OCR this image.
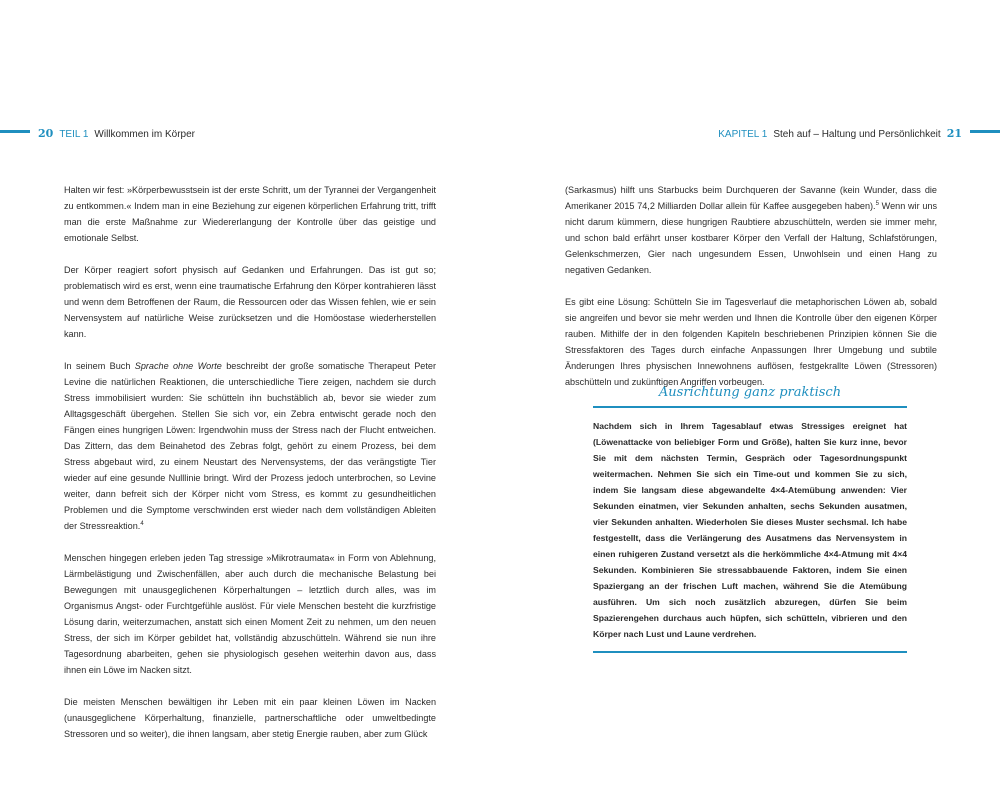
20 TEIL 1 Willkommen im Körper

Halten wir fest: »Körperbewusstsein ist der erste Schritt, um der Tyrannei der Vergangenheit zu entkommen.« Indem man in eine Beziehung zur eigenen körperlichen Erfahrung tritt, trifft man die erste Maßnahme zur Wiedererlangung der Kontrolle über das geistige und emotionale Selbst.

Der Körper reagiert sofort physisch auf Gedanken und Erfahrungen. Das ist gut so; problematisch wird es erst, wenn eine traumatische Erfahrung den Körper kontrahieren lässt und wenn dem Betroffenen der Raum, die Ressourcen oder das Wissen fehlen, wie er sein Nervensystem auf natürliche Weise zurücksetzen und die Homöostase wiederherstellen kann.

In seinem Buch Sprache ohne Worte beschreibt der große somatische Therapeut Peter Levine die natürlichen Reaktionen, die unterschiedliche Tiere zeigen, nachdem sie durch Stress immobilisiert wurden: Sie schütteln ihn buchstäblich ab, bevor sie wieder zum Alltagsgeschäft übergehen. Stellen Sie sich vor, ein Zebra entwischt gerade noch den Fängen eines hungrigen Löwen: Irgendwohin muss der Stress nach der Flucht entweichen. Das Zittern, das dem Beinahetod des Zebras folgt, gehört zu einem Prozess, bei dem Stress abgebaut wird, zu einem Neustart des Nervensystems, der das verängstigte Tier wieder auf eine gesunde Nulllinie bringt. Wird der Prozess jedoch unterbrochen, so Levine weiter, dann befreit sich der Körper nicht vom Stress, es kommt zu gesundheitlichen Problemen und die Symptome verschwinden erst wieder nach dem vollständigen Ableiten der Stressreaktion.$^4$

Menschen hingegen erleben jeden Tag stressige »Mikrotraumata« in Form von Ablehnung, Lärmbelästigung und Zwischenfällen, aber auch durch die mechanische Belastung bei Bewegungen mit unausgeglichenen Körperhaltungen – letztlich durch alles, was im Organismus Angst- oder Furchtgefühle auslöst. Für viele Menschen besteht die kurzfristige Lösung darin, weiterzumachen, anstatt sich einen Moment Zeit zu nehmen, um den neuen Stress, der sich im Körper gebildet hat, vollständig abzuschütteln. Während sie nun ihre Tagesordnung abarbeiten, gehen sie physiologisch gesehen weiterhin davon aus, dass ihnen ein Löwe im Nacken sitzt.

Die meisten Menschen bewältigen ihr Leben mit ein paar kleinen Löwen im Nacken (unausgeglichene Körperhaltung, finanzielle, partnerschaftliche oder umweltbedingte Stressoren und so weiter), die ihnen langsam, aber stetig Energie rauben, aber zum Glück

KAPITEL 1 Steh auf – Haltung und Persönlichkeit 21

(Sarkasmus) hilft uns Starbucks beim Durchqueren der Savanne (kein Wunder, dass die Amerikaner 2015 74,2 Milliarden Dollar allein für Kaffee ausgegeben haben).$^5$ Wenn wir uns nicht darum kümmern, diese hungrigen Raubtiere abzuschütteln, werden sie immer mehr, und schon bald erfährt unser kostbarer Körper den Verfall der Haltung, Schlafstörungen, Gelenkschmerzen, Gier nach ungesundem Essen, Unwohlsein und einen Hang zu negativen Gedanken.

Es gibt eine Lösung: Schütteln Sie im Tagesverlauf die metaphorischen Löwen ab, sobald sie angreifen und bevor sie mehr werden und Ihnen die Kontrolle über den eigenen Körper rauben. Mithilfe der in den folgenden Kapiteln beschriebenen Prinzipien können Sie die Stressfaktoren des Tages durch einfache Anpassungen Ihrer Umgebung und subtile Änderungen Ihres physischen Innewohnens auflösen, festgekrallte Löwen (Stressoren) abschütteln und zukünftigen Angriffen vorbeugen.

Ausrichtung ganz praktisch

Nachdem sich in Ihrem Tagesablauf etwas Stressiges ereignet hat (Löwenattacke von beliebiger Form und Größe), halten Sie kurz inne, bevor Sie mit dem nächsten Termin, Gespräch oder Tagesordnungspunkt weitermachen. Nehmen Sie sich ein Time-out und kommen Sie zu sich, indem Sie langsam diese abgewandelte 4×4-Atemübung anwenden: Vier Sekunden einatmen, vier Sekunden anhalten, sechs Sekunden ausatmen, vier Sekunden anhalten. Wiederholen Sie dieses Muster sechsmal. Ich habe festgestellt, dass die Verlängerung des Ausatmens das Nervensystem in einen ruhigeren Zustand versetzt als die herkömmliche 4×4-Atmung mit 4×4 Sekunden. Kombinieren Sie stressabbauende Faktoren, indem Sie einen Spaziergang an der frischen Luft machen, während Sie die Atemübung ausführen. Um sich noch zusätzlich abzuregen, dürfen Sie beim Spazierengehen durchaus auch hüpfen, sich schütteln, vibrieren und den Körper nach Lust und Laune verdrehen.
